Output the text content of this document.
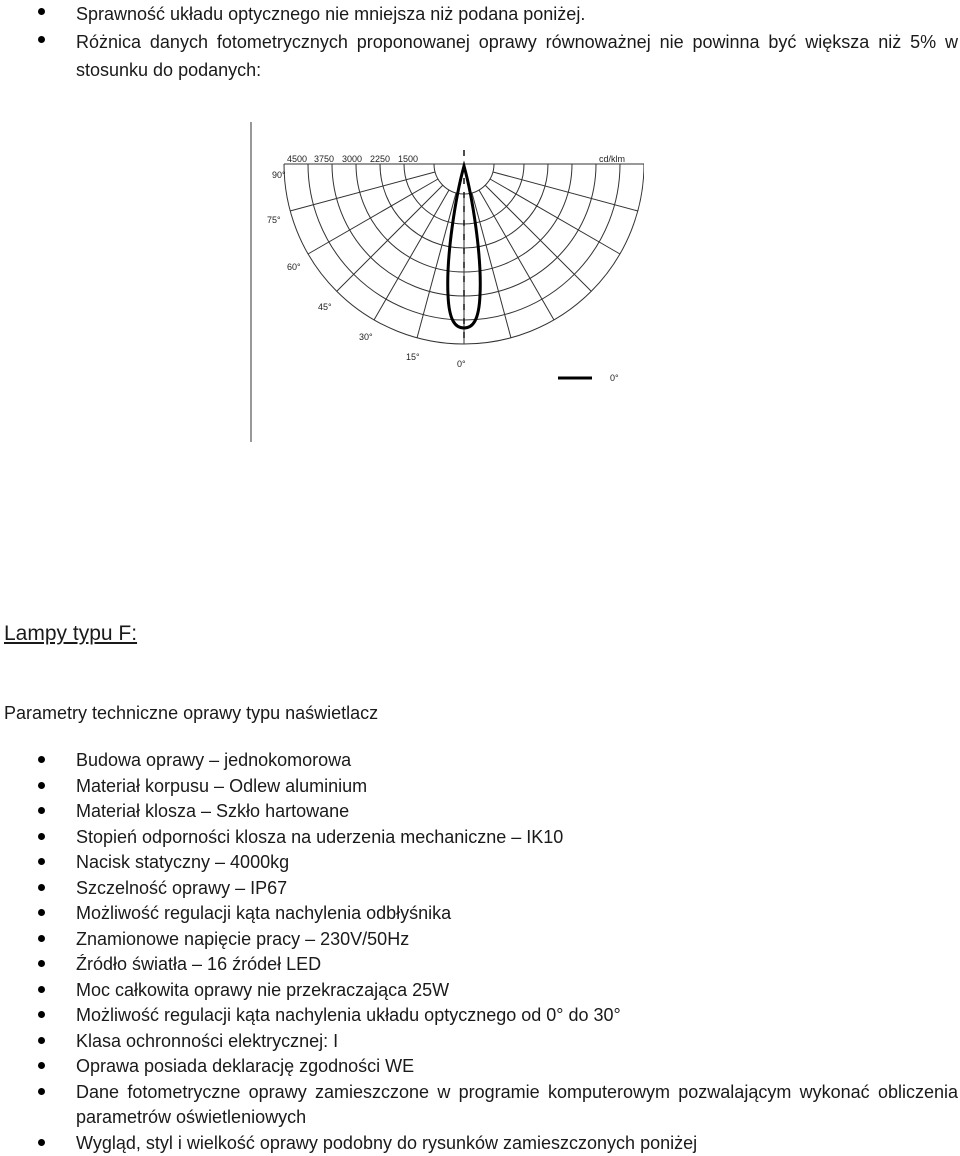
Sprawność układu optycznego nie mniejsza niż podana poniżej.
Różnica danych fotometrycznych proponowanej oprawy równoważnej nie powinna być większa niż 5% w stosunku do podanych:
4500 3750 3000 2250 1500	cd/klm
90°
75°
60°
45°
30°
15°
0°
0°
Lampy typu F:

Parametry techniczne oprawy typu naświetlacz

Budowa oprawy – jednokomorowa
Materiał korpusu – Odlew aluminium
Materiał klosza – Szkło hartowane
Stopień odporności klosza na uderzenia mechaniczne – IK10
Nacisk statyczny – 4000kg
Szczelność oprawy – IP67
Możliwość regulacji kąta nachylenia odbłyśnika
Znamionowe napięcie pracy – 230V/50Hz
Źródło światła – 16 źródeł LED
Moc całkowita oprawy nie przekraczająca 25W
Możliwość regulacji kąta nachylenia układu optycznego od 0° do 30°
Klasa ochronności elektrycznej: I
Oprawa posiada deklarację zgodności WE
Dane fotometryczne oprawy zamieszczone w programie komputerowym pozwalającym wykonać obliczenia parametrów oświetleniowych
Wygląd, styl i wielkość oprawy podobny do rysunków zamieszczonych poniżej
